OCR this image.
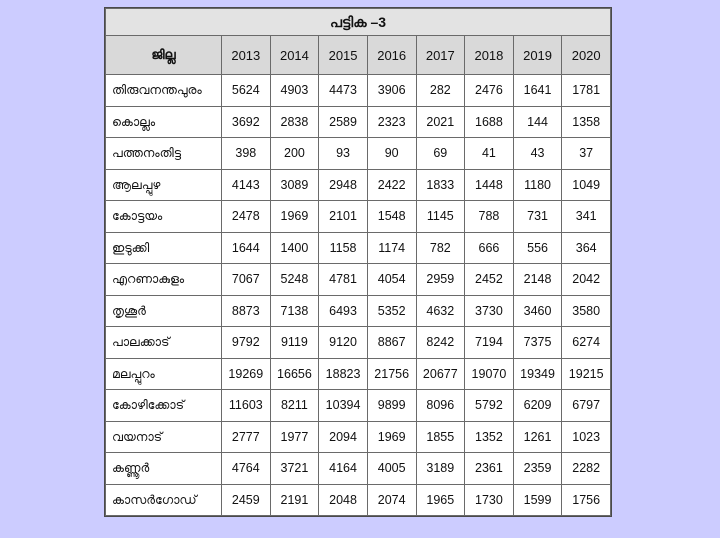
പട്ടിക –3								
ജില്ല	2013	2014	2015	2016	2017	2018	2019	2020
തിരുവനന്തപുരം	5624	4903	4473	3906	282	2476	1641	1781
കൊല്ലം	3692	2838	2589	2323	2021	1688	144	1358
പത്തനംതിട്ട	398	200	93	90	69	41	43	37
ആലപ്പുഴ	4143	3089	2948	2422	1833	1448	1180	1049
കോട്ടയം	2478	1969	2101	1548	1145	788	731	341
ഇടുക്കി	1644	1400	1158	1174	782	666	556	364
എറണാകുളം	7067	5248	4781	4054	2959	2452	2148	2042
തൃശൂർ	8873	7138	6493	5352	4632	3730	3460	3580
പാലക്കാട്	9792	9119	9120	8867	8242	7194	7375	6274
മലപ്പുറം	19269	16656	18823	21756	20677	19070	19349	19215
കോഴിക്കോട്	11603	8211	10394	9899	8096	5792	6209	6797
വയനാട്	2777	1977	2094	1969	1855	1352	1261	1023
കണ്ണൂർ	4764	3721	4164	4005	3189	2361	2359	2282
കാസർഗോഡ്	2459	2191	2048	2074	1965	1730	1599	1756
